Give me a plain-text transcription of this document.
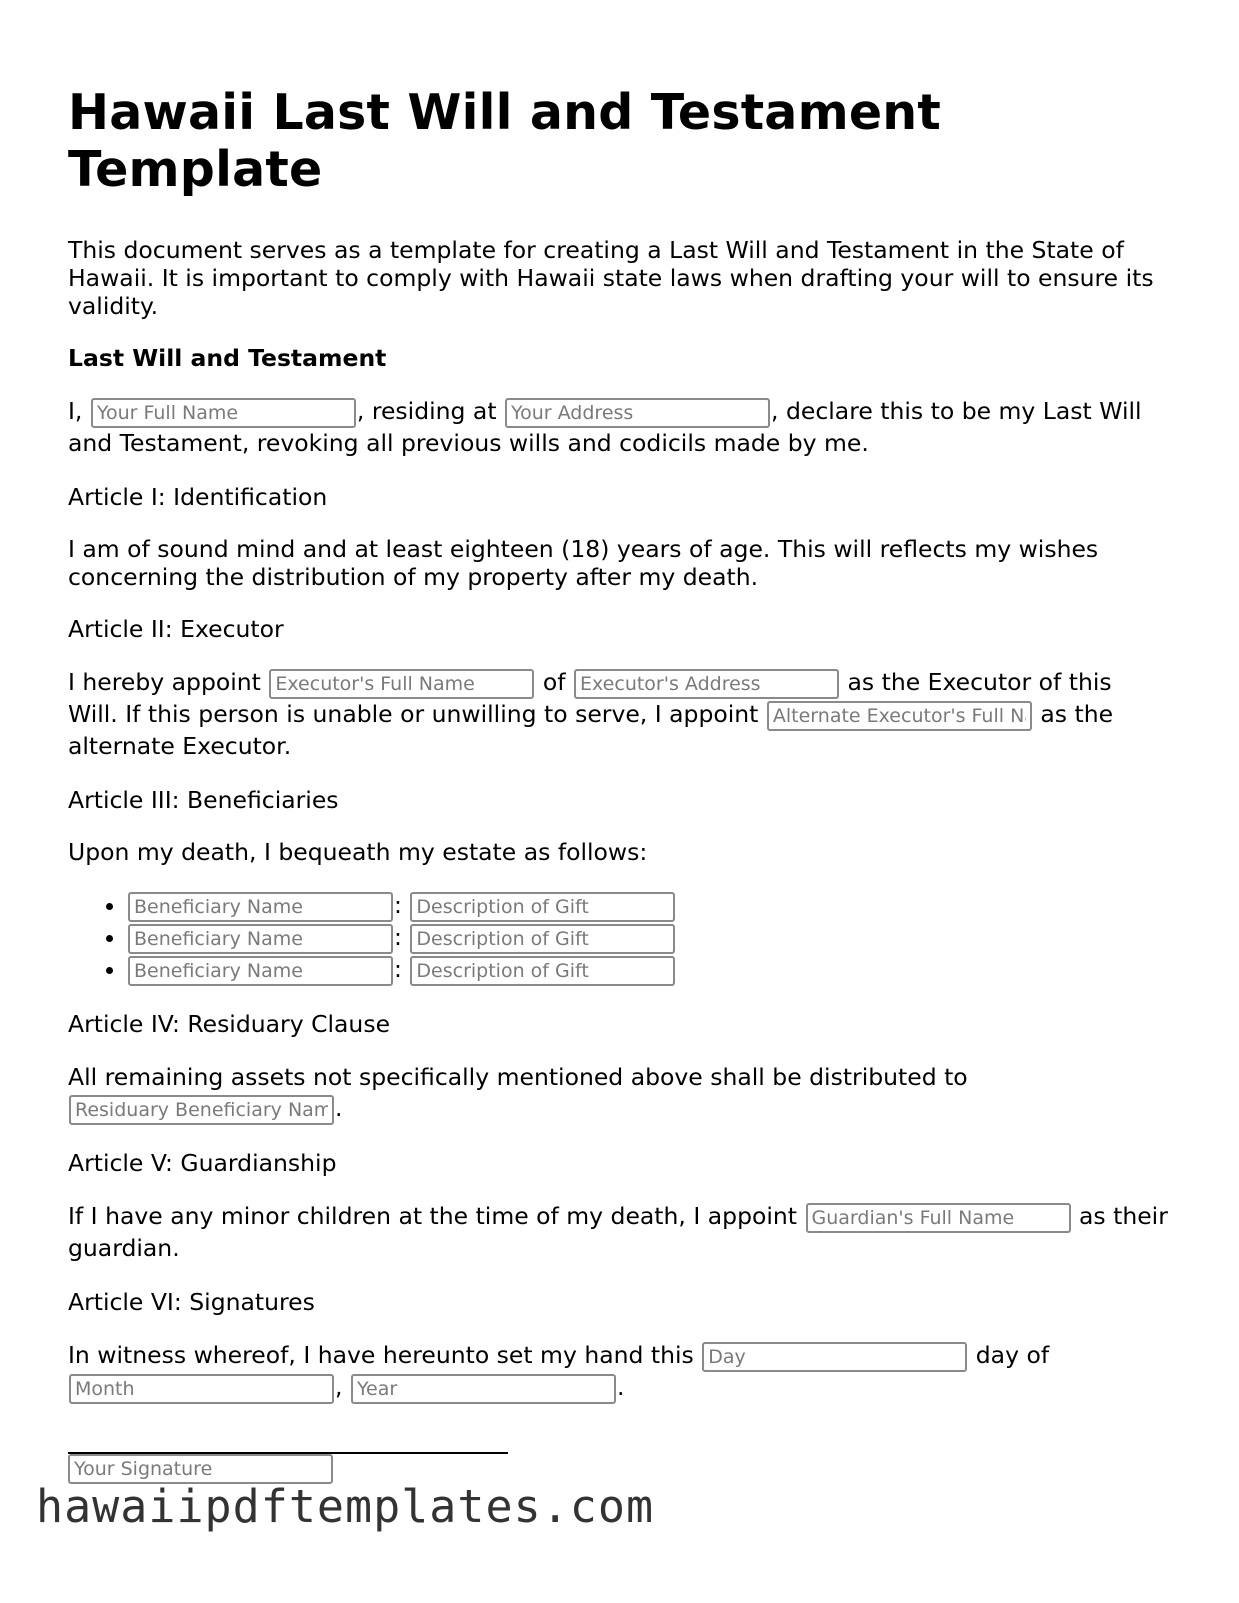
Hawaii Last Will and Testament Template

This document serves as a template for creating a Last Will and Testament in the State of Hawaii. It is important to comply with Hawaii state laws when drafting your will to ensure its validity.

Last Will and Testament

I, Your Full Name	, residing at Your Address	, declare this to be my Last Will and Testament, revoking all previous wills and codicils made by me.

Article I: Identification

I am of sound mind and at least eighteen (18) years of age. This will reflects my wishes concerning the distribution of my property after my death.

Article II: Executor

I hereby appoint Executor's Full Name	of Executor's Address	as the Executor of this Will. If this person is unable or unwilling to serve, I appoint Alternate Executor's Full Name	as the alternate Executor.

Article III: Beneficiaries

Upon my death, I bequeath my estate as follows:

Beneficiary Name • : Description of Gift
Beneficiary Name • : Description of Gift
Beneficiary Name • : Description of Gift

Article IV: Residuary Clause

All remaining assets not specifically mentioned above shall be distributed to Residuary Beneficiary Name.

Article V: Guardianship

If I have any minor children at the time of my death, I appoint Guardian's Full Name	as their guardian.

Article VI: Signatures

In witness whereof, I have hereunto set my hand this Day	day of Month, Year	.

Your Signature
hawaiipdftemplates.com
